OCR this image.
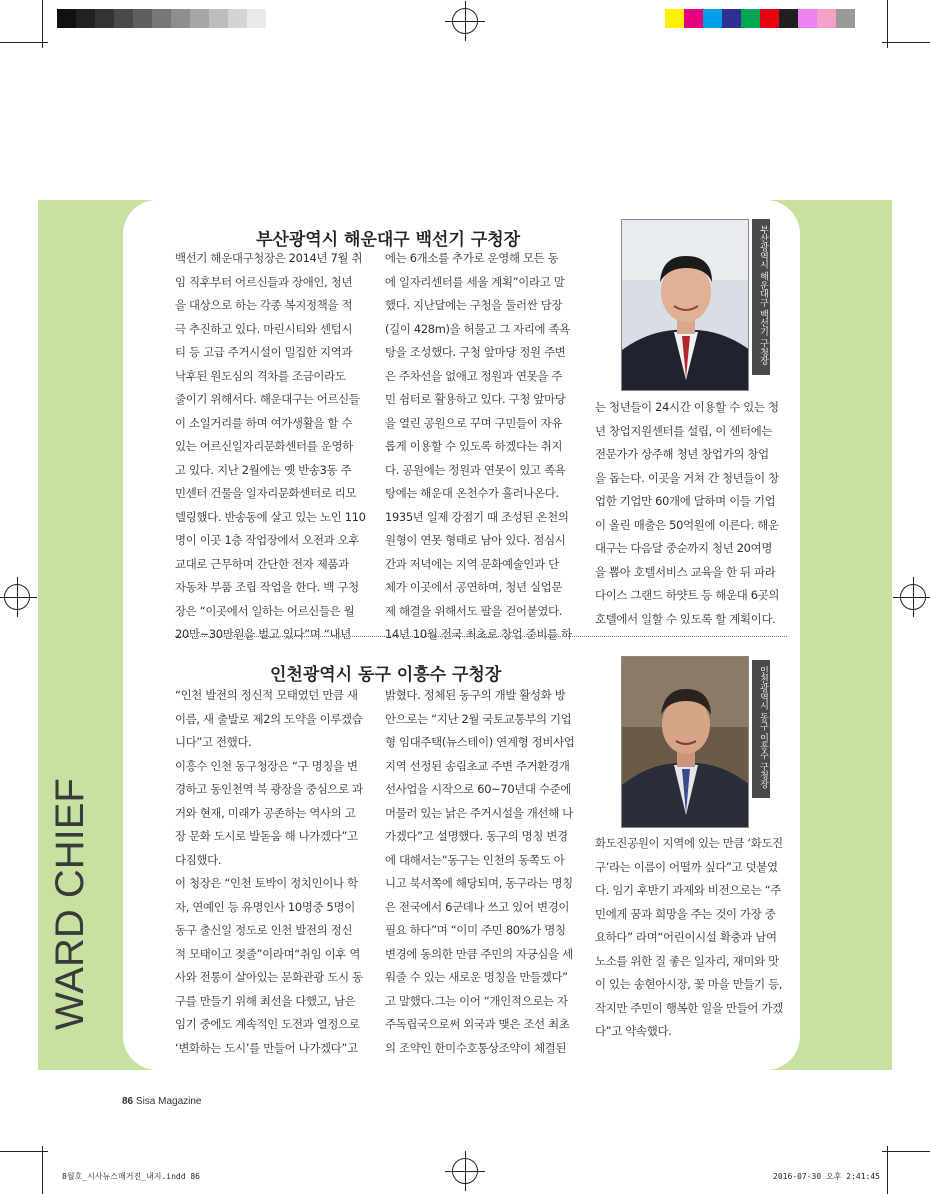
WARD CHIEF
부산광역시 해운대구 백선기 구청장
백선기 해운대구청장은 2014년 7월 취
임 직후부터 어르신들과 장애인, 청년
을 대상으로 하는 각종 복지정책을 적
극 추진하고 있다. 마린시티와 센텀시
티 등 고급 주거시설이 밀집한 지역과
낙후된 원도심의 격차를 조금이라도
줄이기 위해서다. 해운대구는 어르신들
이 소일거리를 하며 여가생활을 할 수
있는 어르신일자리문화센터를 운영하
고 있다. 지난 2월에는 옛 반송3동 주
민센터 건물을 일자리문화센터로 리모
델링했다. 반송동에 살고 있는 노인 110
명이 이곳 1층 작업장에서 오전과 오후
교대로 근무하며 간단한 전자 제품과
자동차 부품 조립 작업을 한다. 백 구청
장은 “이곳에서 일하는 어르신들은 월
20만~30만원을 벌고 있다”며 “내년
에는 6개소를 추가로 운영해 모든 동
에 일자리센터를 세울 계획”이라고 말
했다. 지난달에는 구청을 둘러싼 담장
(길이 428m)을 허물고 그 자리에 족욕
탕을 조성했다. 구청 앞마당 정원 주변
은 주차선을 없애고 정원과 연못을 주
민 쉼터로 활용하고 있다. 구청 앞마당
을 열린 공원으로 꾸며 구민들이 자유
롭게 이용할 수 있도록 하겠다는 취지
다. 공원에는 정원과 연못이 있고 족욕
탕에는 해운대 온천수가 흘러나온다.
1935년 일제 강점기 때 조성된 온천의
원형이 연못 형태로 남아 있다. 점심시
간과 저녁에는 지역 문화예술인과 단
체가 이곳에서 공연하며, 청년 실업문
제 해결을 위해서도 팔을 걷어붙였다.
14년 10월 전국 최초로 창업 준비를 하
부산광역시 해운대구 백선기 구청장
는 청년들이 24시간 이용할 수 있는 청
년 창업지원센터를 설립, 이 센터에는
전문가가 상주해 청년 창업가의 창업
을 돕는다. 이곳을 거쳐 간 청년들이 창
업한 기업만 60개에 달하며 이들 기업
이 올린 매출은 50억원에 이른다. 해운
대구는 다음달 중순까지 청년 20여명
을 뽑아 호텔서비스 교육을 한 뒤 파라
다이스 그랜드 하얏트 등 해운대 6곳의
호텔에서 일할 수 있도록 할 계획이다.
인천광역시 동구 이흥수 구청장
“인천 발전의 정신적 모태였던 만큼 새
이름, 새 출발로 제2의 도약을 이루겠습
니다”고 전했다.
이흥수 인천 동구청장은 “구 명칭을 변
경하고 동인천역 북 광장을 중심으로 과
거와 현재, 미래가 공존하는 역사의 고
장 문화 도시로 발돋움 해 나가겠다”고
다짐했다.
이 청장은 “인천 토박이 정치인이나 학
자, 연예인 등 유명인사 10명중 5명이
동구 출신일 정도로 인천 발전의 정신
적 모태이고 젖줄”이라며“취임 이후 역
사와 전통이 살아있는 문화관광 도시 동
구를 만들기 위해 최선을 다했고, 남은
임기 중에도 계속적인 도전과 열정으로
‘변화하는 도시’를 만들어 나가겠다”고
밝혔다. 정체된 동구의 개발 활성화 방
안으로는 “지난 2월 국토교통부의 기업
형 임대주택(뉴스테이) 연계형 정비사업
지역 선정된 송림초교 주변 주거환경개
선사업을 시작으로 60~70년대 수준에
머물러 있는 낡은 주거시설을 개선해 나
가겠다”고 설명했다. 동구의 명칭 변경
에 대해서는“동구는 인천의 동쪽도 아
니고 북서쪽에 해당되며, 동구라는 명칭
은 전국에서 6군데나 쓰고 있어 변경이
필요 하다”며 “이미 주민 80%가 명칭
변경에 동의한 만큼 주민의 자긍심을 세
워줄 수 있는 새로운 명칭을 만들겠다”
고 말했다.그는 이어 “개인적으로는 자
주독립국으로써 외국과 맺은 조선 최초
의 조약인 한미수호통상조약이 체결된
인천광역시 동구 이흥수 구청장
화도진공원이 지역에 있는 만큼 ‘화도진
구’라는 이름이 어떨까 싶다”고 덧붙였
다. 임기 후반기 과제와 비전으로는 “주
민에게 꿈과 희망을 주는 것이 가장 중
요하다” 라며“어린이시설 확충과 남여
노소를 위한 질 좋은 일자리, 재미와 맛
이 있는 송현아시장, 꽃 마을 만들기 등,
작지만 주민이 행복한 일을 만들어 가겠
다”고 약속했다.
86 Sisa Magazine
8월호_시사뉴스매거진_내지.indd 86	2016-07-30 오후 2:41:45
